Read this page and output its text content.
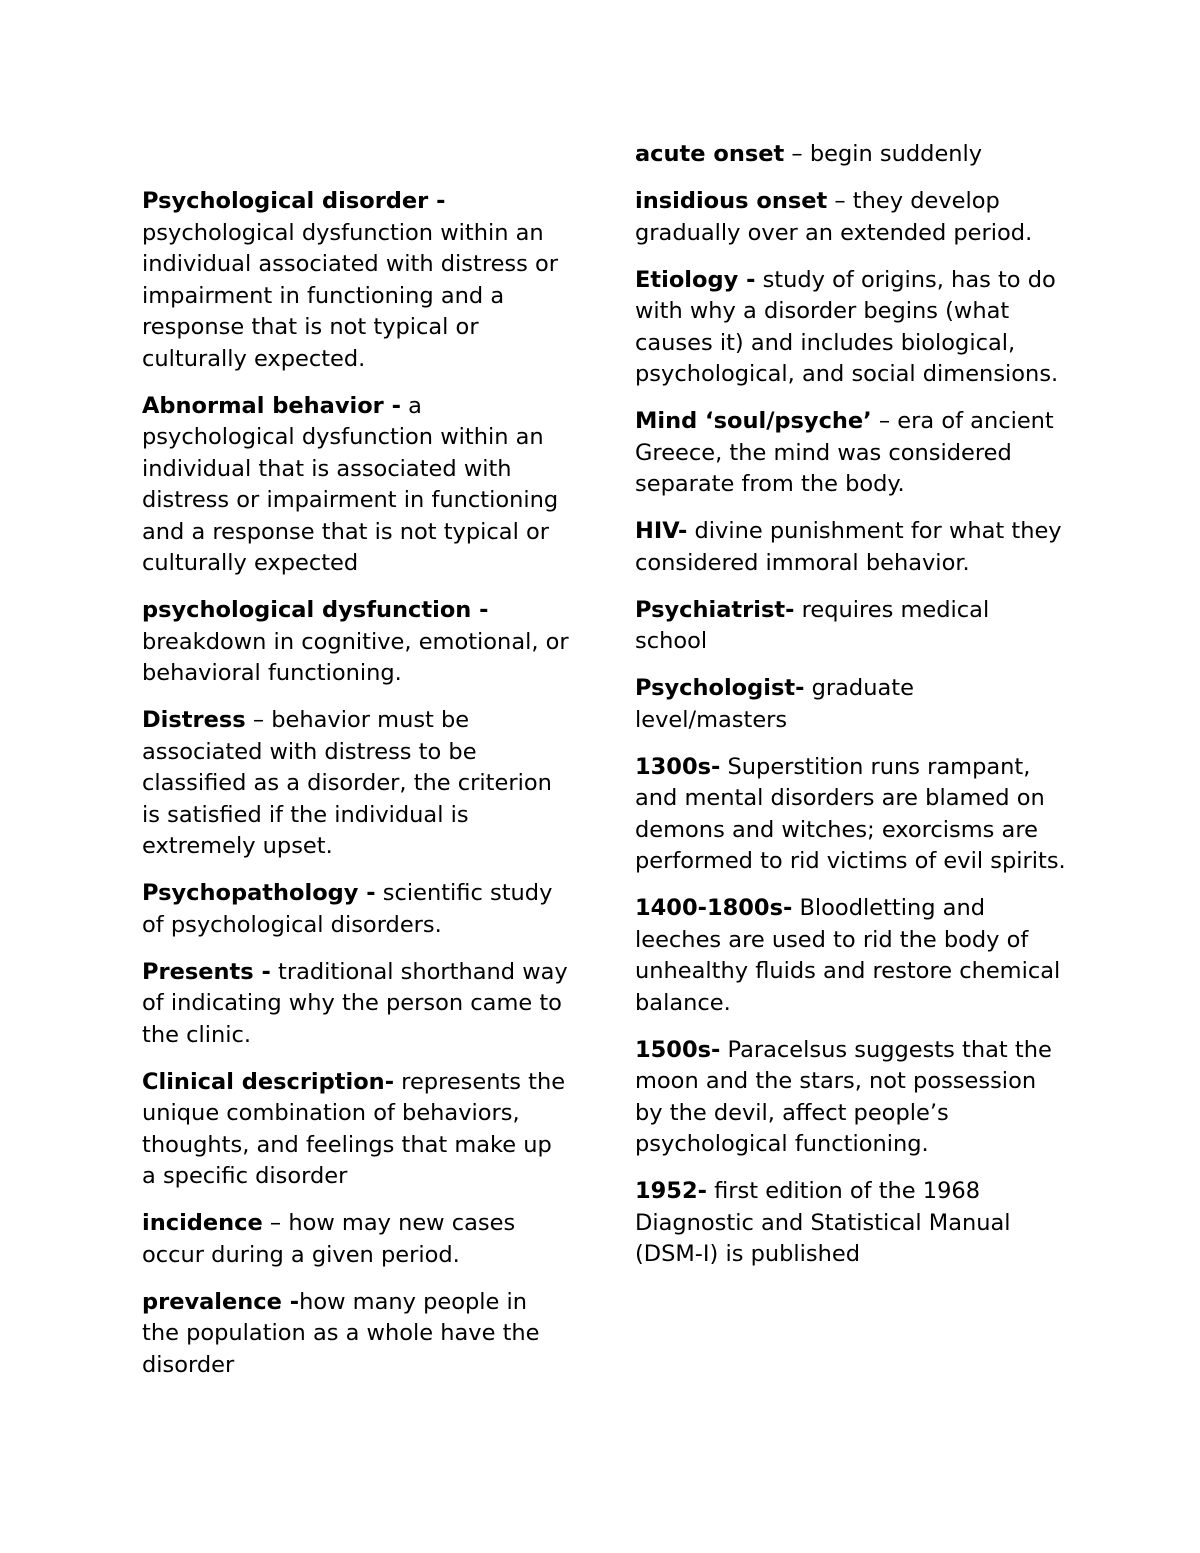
Psychological disorder - psychological dysfunction within an individual associated with distress or impairment in functioning and a response that is not typical or culturally expected.

Abnormal behavior - a psychological dysfunction within an individual that is associated with distress or impairment in functioning and a response that is not typical or culturally expected

psychological dysfunction - breakdown in cognitive, emotional, or behavioral functioning.

Distress – behavior must be associated with distress to be classified as a disorder, the criterion is satisfied if the individual is extremely upset.

Psychopathology - scientific study of psychological disorders.

Presents - traditional shorthand way of indicating why the person came to the clinic.

Clinical description- represents the unique combination of behaviors, thoughts, and feelings that make up a specific disorder

incidence – how may new cases occur during a given period.

prevalence -how many people in the population as a whole have the disorder

acute onset – begin suddenly

insidious onset – they develop gradually over an extended period.

Etiology - study of origins, has to do with why a disorder begins (what causes it) and includes biological, psychological, and social dimensions.

Mind ‘soul/psyche’ – era of ancient Greece, the mind was considered separate from the body.

HIV- divine punishment for what they considered immoral behavior.

Psychiatrist- requires medical school

Psychologist- graduate level/masters

1300s- Superstition runs rampant, and mental disorders are blamed on demons and witches; exorcisms are performed to rid victims of evil spirits.

1400-1800s- Bloodletting and leeches are used to rid the body of unhealthy fluids and restore chemical balance.

1500s- Paracelsus suggests that the moon and the stars, not possession by the devil, affect people’s psychological functioning.

1952- first edition of the 1968 Diagnostic and Statistical Manual (DSM-I) is published
